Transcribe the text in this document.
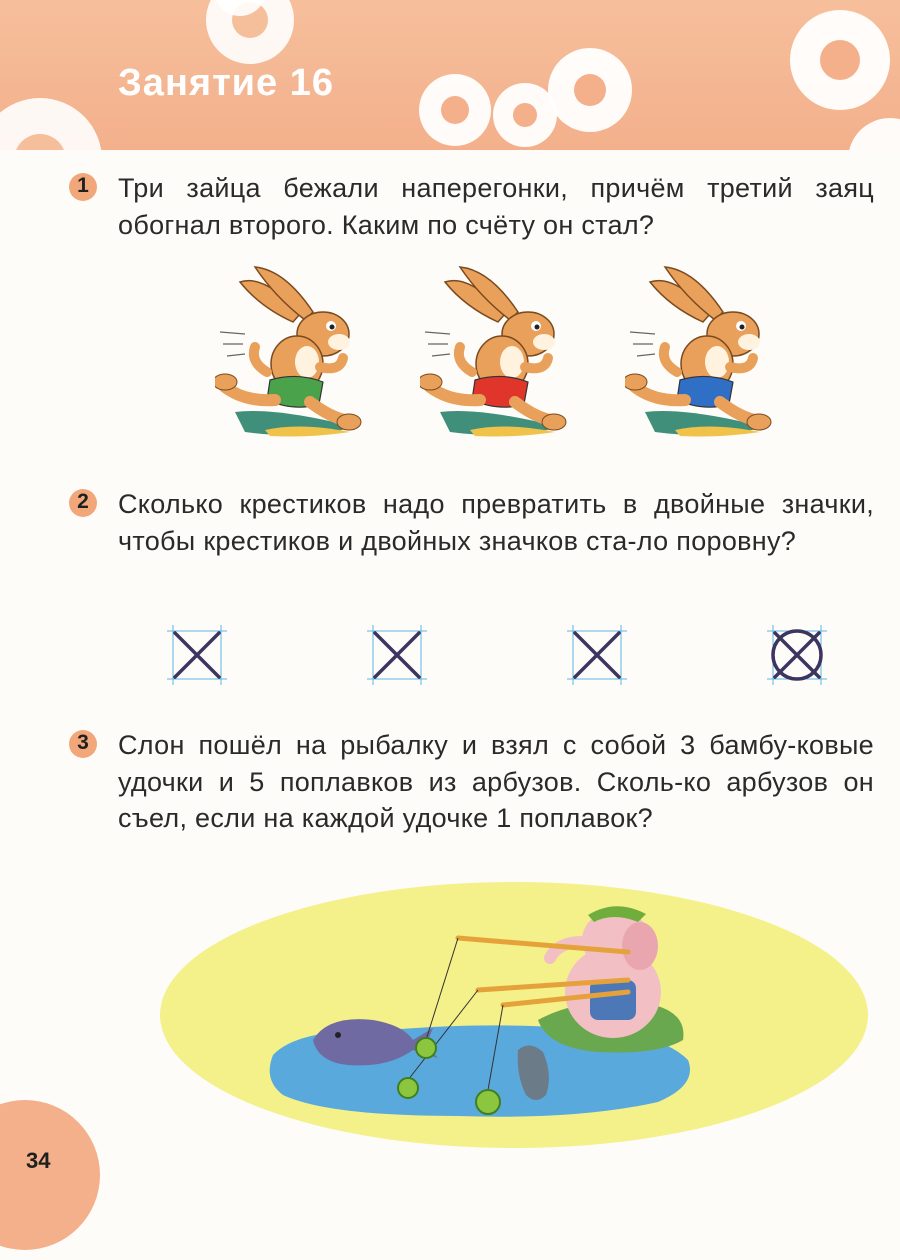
Занятие 16
1	Три зайца бежали наперегонки, причём третий заяц обогнал второго. Каким по счёту он стал?
2	Сколько крестиков надо превратить в двойные значки, чтобы крестиков и двойных значков ста-ло поровну?
3	Слон пошёл на рыбалку и взял с собой 3 бамбу-ковые удочки и 5 поплавков из арбузов. Сколь-ко арбузов он съел, если на каждой удочке 1 поплавок?
34
